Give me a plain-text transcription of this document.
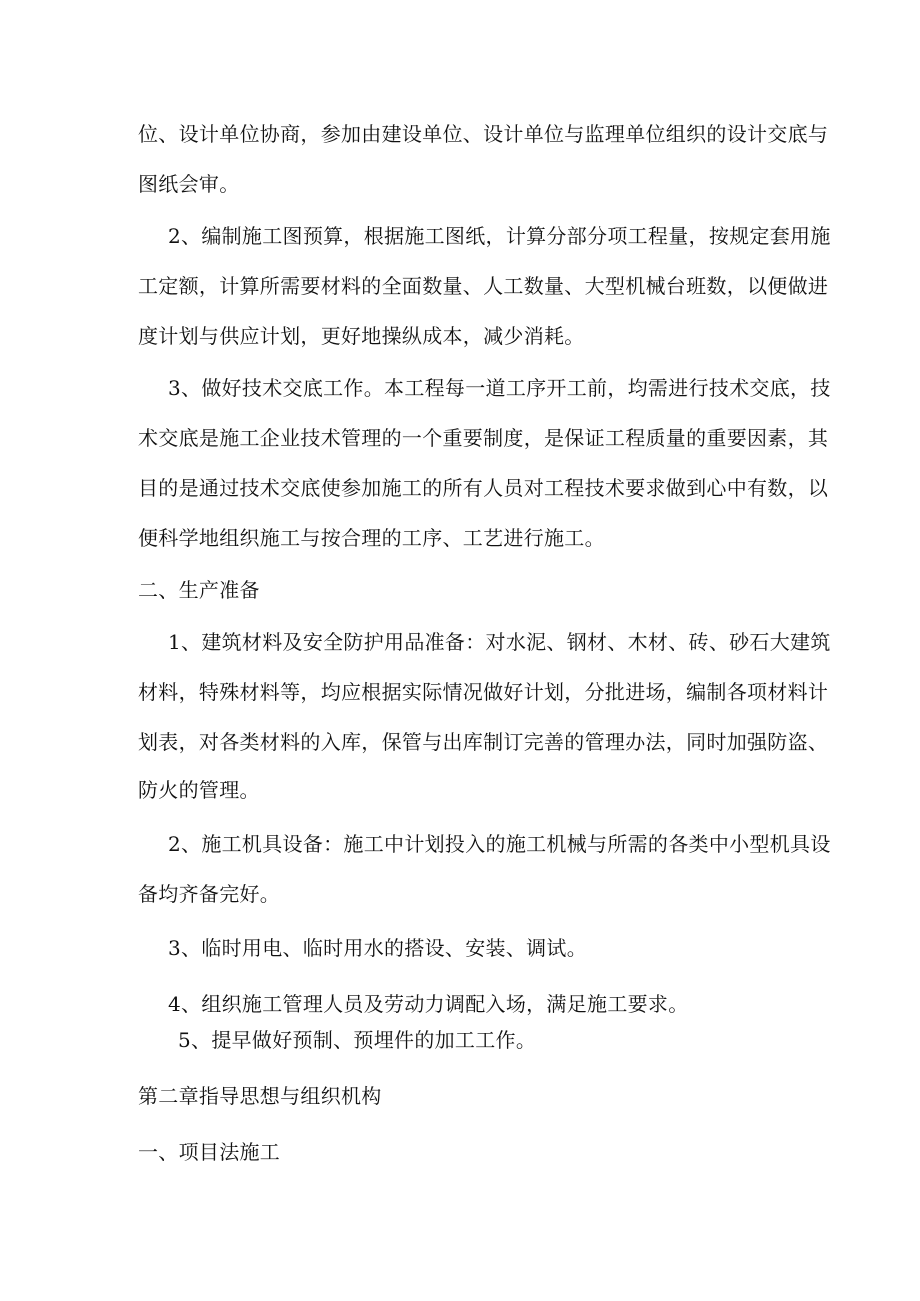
位、设计单位协商，参加由建设单位、设计单位与监理单位组织的设计交底与
图纸会审。
2、编制施工图预算，根据施工图纸，计算分部分项工程量，按规定套用施
工定额，计算所需要材料的全面数量、人工数量、大型机械台班数，以便做进
度计划与供应计划，更好地操纵成本，减少消耗。
3、做好技术交底工作。本工程每一道工序开工前，均需进行技术交底，技
术交底是施工企业技术管理的一个重要制度，是保证工程质量的重要因素，其
目的是通过技术交底使参加施工的所有人员对工程技术要求做到心中有数，以
便科学地组织施工与按合理的工序、工艺进行施工。
二、生产准备
1、建筑材料及安全防护用品准备：对水泥、钢材、木材、砖、砂石大建筑
材料，特殊材料等，均应根据实际情况做好计划，分批进场，编制各项材料计
划表，对各类材料的入库，保管与出库制订完善的管理办法，同时加强防盗、
防火的管理。
2、施工机具设备：施工中计划投入的施工机械与所需的各类中小型机具设
备均齐备完好。
3、临时用电、临时用水的搭设、安装、调试。
4、组织施工管理人员及劳动力调配入场，满足施工要求。
5、提早做好预制、预埋件的加工工作。
第二章指导思想与组织机构
一、项目法施工
